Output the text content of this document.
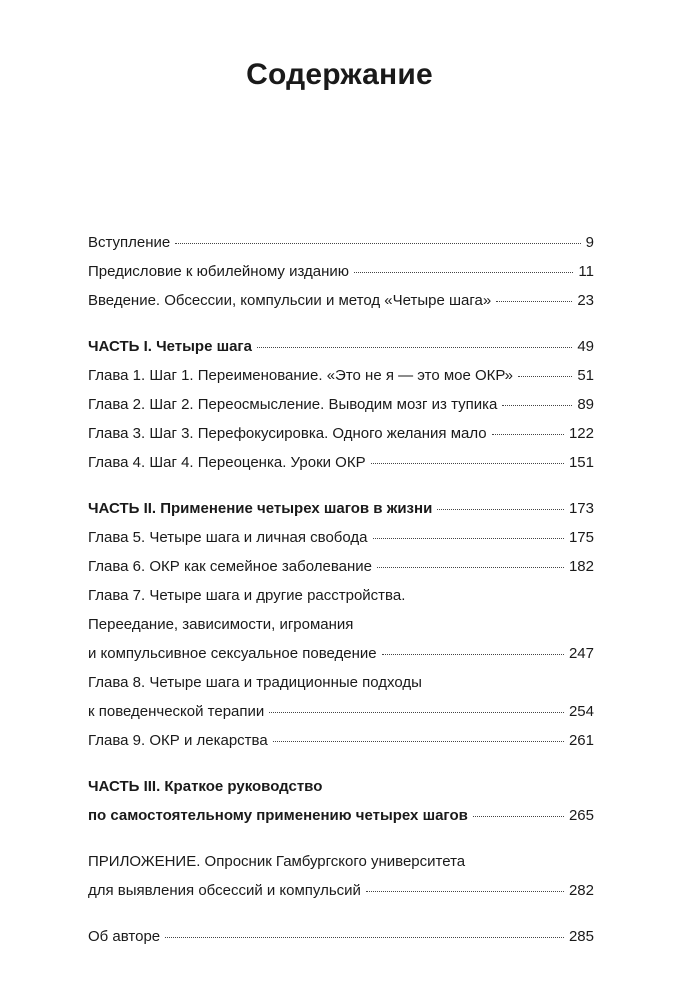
Содержание
Вступление	9
Предисловие к юбилейному изданию	11
Введение. Обсессии, компульсии и метод «Четыре шага»	23
ЧАСТЬ I. Четыре шага	49
Глава 1. Шаг 1. Переименование. «Это не я — это мое ОКР»	51
Глава 2. Шаг 2. Переосмысление. Выводим мозг из тупика	89
Глава 3. Шаг 3. Перефокусировка. Одного желания мало	122
Глава 4. Шаг 4. Переоценка. Уроки ОКР	151
ЧАСТЬ II. Применение четырех шагов в жизни	173
Глава 5. Четыре шага и личная свобода	175
Глава 6. ОКР как семейное заболевание	182
Глава 7. Четыре шага и другие расстройства.
Переедание, зависимости, игромания
и компульсивное сексуальное поведение	247
Глава 8. Четыре шага и традиционные подходы
к поведенческой терапии	254
Глава 9. ОКР и лекарства	261
ЧАСТЬ III. Краткое руководство
по самостоятельному применению четырех шагов	265
ПРИЛОЖЕНИЕ. Опросник Гамбургского университета
для выявления обсессий и компульсий	282
Об авторе	285
